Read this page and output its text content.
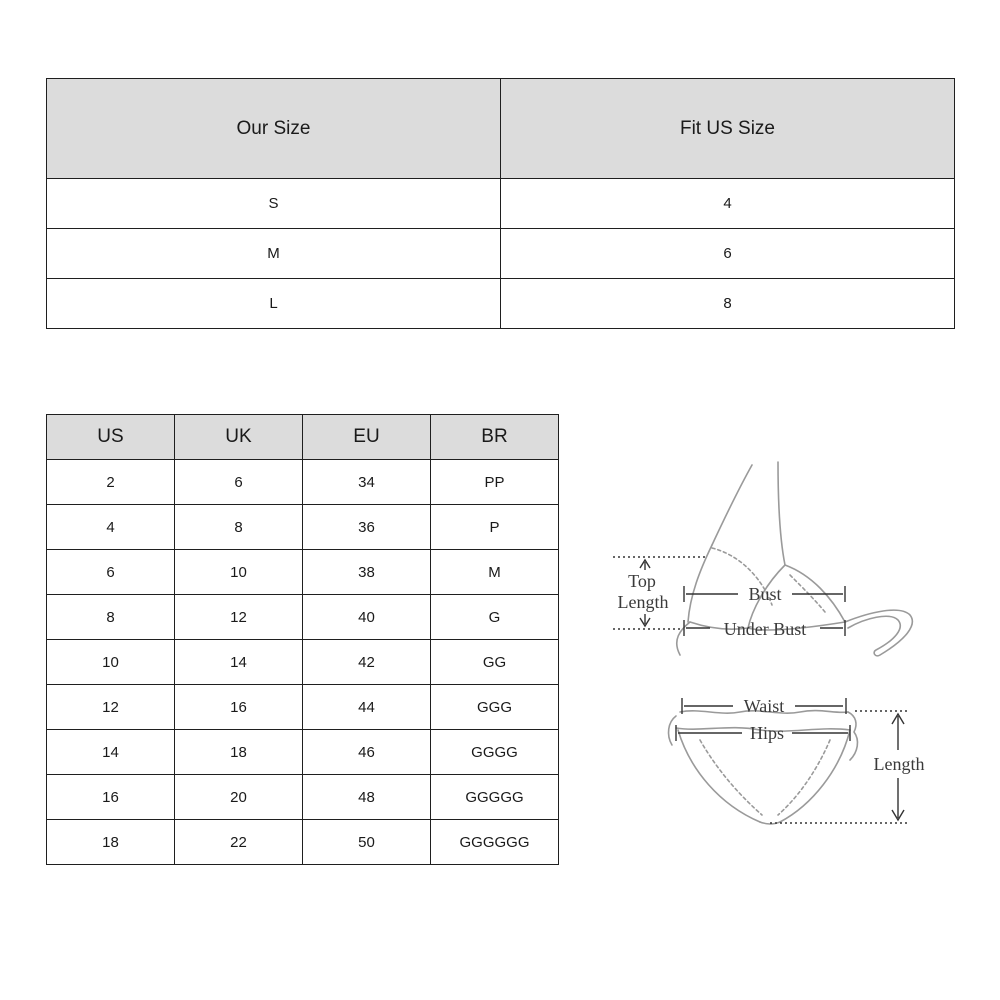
Our Size	Fit US Size
S	4
M	6
L	8
US	UK	EU	BR
2	6	34	PP
4	8	36	P
6	10	38	M
8	12	40	G
10	14	42	GG
12	16	44	GGG
14	18	46	GGGG
16	20	48	GGGGG
18	22	50	GGGGGG
Top
Length	Bust
Under Bust
Waist
Hips
Length
